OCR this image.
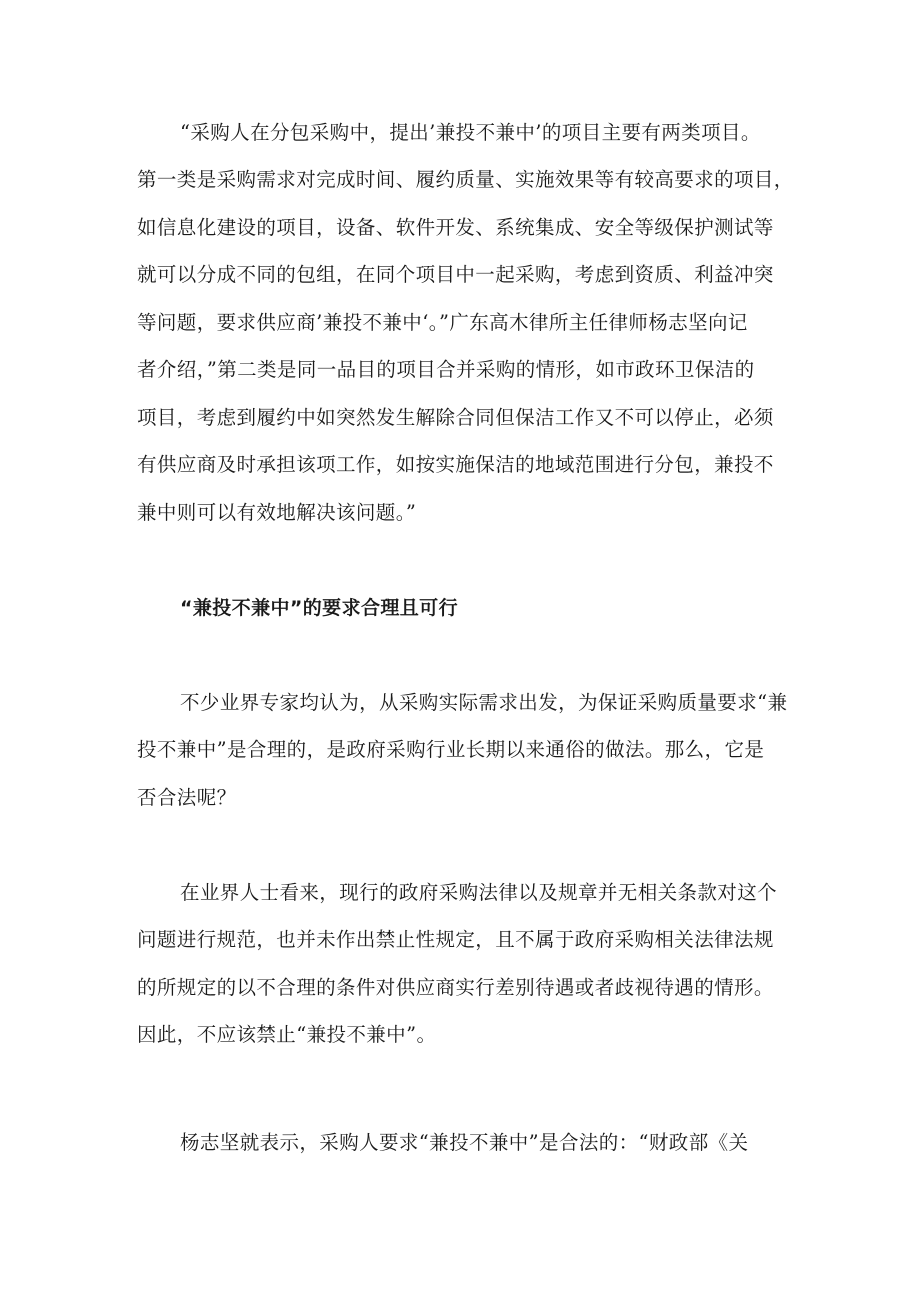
“采购人在分包采购中，提出’兼投不兼中’的项目主要有两类项目。
第一类是采购需求对完成时间、履约质量、实施效果等有较高要求的项目，
如信息化建设的项目，设备、软件开发、系统集成、安全等级保护测试等
就可以分成不同的包组，在同个项目中一起采购，考虑到资质、利益冲突
等问题，要求供应商’兼投不兼中‘。”广东高木律所主任律师杨志坚向记
者介绍，”第二类是同一品目的项目合并采购的情形，如市政环卫保洁的
项目，考虑到履约中如突然发生解除合同但保洁工作又不可以停止，必须
有供应商及时承担该项工作，如按实施保洁的地域范围进行分包，兼投不
兼中则可以有效地解决该问题。”
“兼投不兼中”的要求合理且可行
不少业界专家均认为，从采购实际需求出发，为保证采购质量要求“兼
投不兼中”是合理的，是政府采购行业长期以来通俗的做法。那么，它是
否合法呢？
在业界人士看来，现行的政府采购法律以及规章并无相关条款对这个
问题进行规范，也并未作出禁止性规定，且不属于政府采购相关法律法规
的所规定的以不合理的条件对供应商实行差别待遇或者歧视待遇的情形。
因此，不应该禁止“兼投不兼中”。
杨志坚就表示，采购人要求“兼投不兼中”是合法的：“财政部《关
